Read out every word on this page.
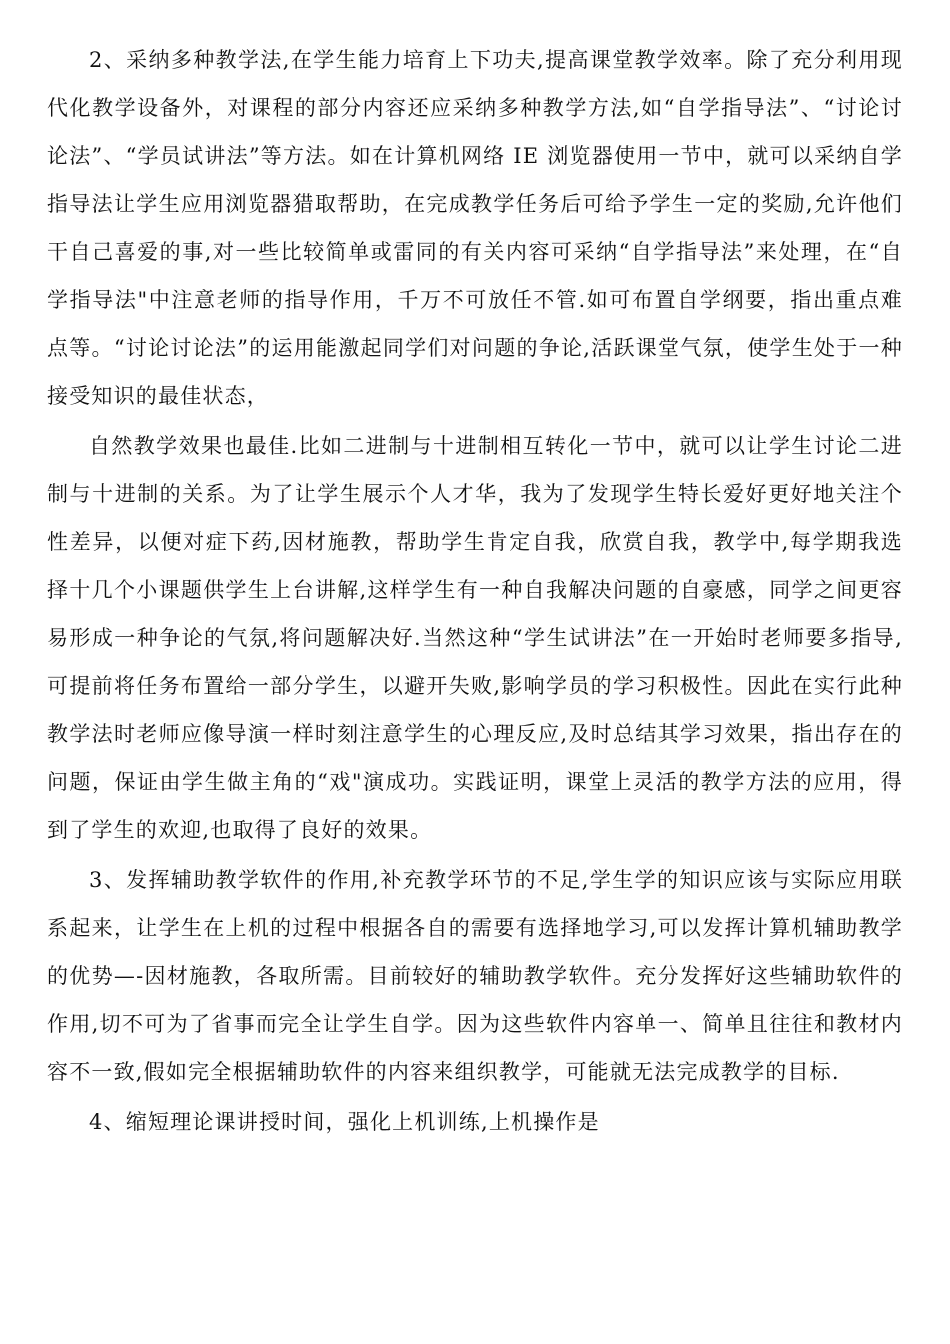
2、采纳多种教学法,在学生能力培育上下功夫,提高课堂教学效率。除了充分利用现代化教学设备外，对课程的部分内容还应采纳多种教学方法,如“自学指导法”、“讨论讨论法”、“学员试讲法”等方法。如在计算机网络 IE 浏览器使用一节中，就可以采纳自学指导法让学生应用浏览器猎取帮助，在完成教学任务后可给予学生一定的奖励,允许他们干自己喜爱的事,对一些比较简单或雷同的有关内容可采纳“自学指导法”来处理，在“自学指导法"中注意老师的指导作用，千万不可放任不管.如可布置自学纲要，指出重点难点等。“讨论讨论法”的运用能激起同学们对问题的争论,活跃课堂气氛，使学生处于一种接受知识的最佳状态，

自然教学效果也最佳.比如二进制与十进制相互转化一节中，就可以让学生讨论二进制与十进制的关系。为了让学生展示个人才华，我为了发现学生特长爱好更好地关注个性差异，以便对症下药,因材施教，帮助学生肯定自我，欣赏自我，教学中,每学期我选择十几个小课题供学生上台讲解,这样学生有一种自我解决问题的自豪感，同学之间更容易形成一种争论的气氛,将问题解决好.当然这种“学生试讲法”在一开始时老师要多指导,可提前将任务布置给一部分学生，以避开失败,影响学员的学习积极性。因此在实行此种教学法时老师应像导演一样时刻注意学生的心理反应,及时总结其学习效果，指出存在的问题，保证由学生做主角的“戏"演成功。实践证明，课堂上灵活的教学方法的应用，得到了学生的欢迎,也取得了良好的效果。

3、发挥辅助教学软件的作用,补充教学环节的不足,学生学的知识应该与实际应用联系起来，让学生在上机的过程中根据各自的需要有选择地学习,可以发挥计算机辅助教学的优势—-因材施教，各取所需。目前较好的辅助教学软件。充分发挥好这些辅助软件的作用,切不可为了省事而完全让学生自学。因为这些软件内容单一、简单且往往和教材内容不一致,假如完全根据辅助软件的内容来组织教学，可能就无法完成教学的目标.

4、缩短理论课讲授时间，强化上机训练,上机操作是
